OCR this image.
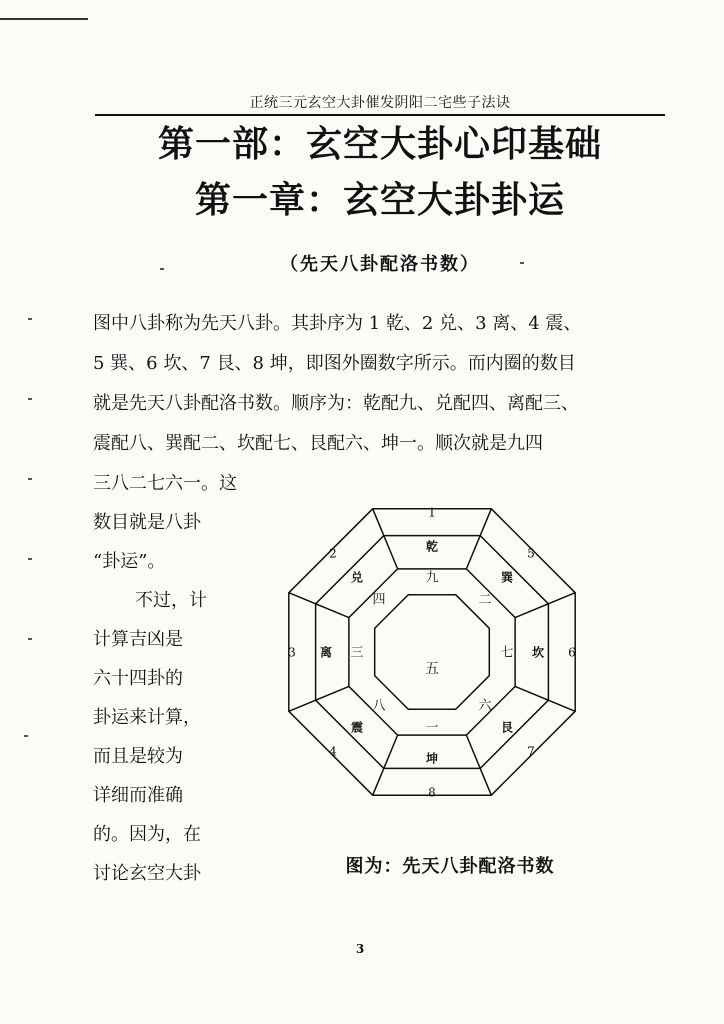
正统三元玄空大卦催发阴阳二宅些子法诀
第一部：玄空大卦心印基础
第一章：玄空大卦卦运
（先天八卦配洛书数）
图中八卦称为先天八卦。其卦序为 1 乾、2 兑、3 离、4 震、
5 巽、6 坎、7 艮、8 坤，即图外圈数字所示。而内圈的数目
就是先天八卦配洛书数。顺序为：乾配九、兑配四、离配三、
震配八、巽配二、坎配七、艮配六、坤一。顺次就是九四
三八二七六一。这
数目就是八卦
“卦运”。
不过，计
计算吉凶是
六十四卦的
卦运来计算，
而且是较为
详细而准确
的。因为，在
讨论玄空大卦
1
乾
九
5
巽
二
6
坎
七
7
艮
六
8
坤
一
4
震
八
3 离 三
2
兑
四
五
图为：先天八卦配洛书数
3
